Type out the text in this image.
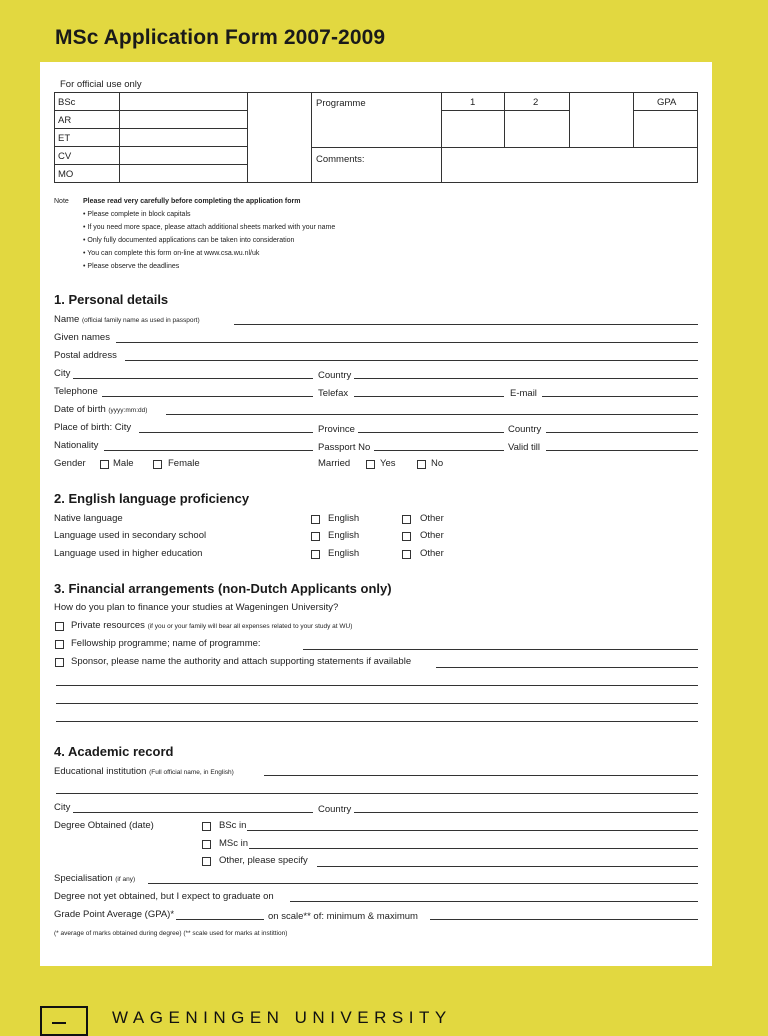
MSc Application Form 2007-2009
For official use only
BSc
AR
ET
CV
MO
Programme	1	2	GPA
Comments:
Note Please read very carefully before completing the application form
• Please complete in block capitals
• If you need more space, please attach additional sheets marked with your name
• Only fully documented applications can be taken into consideration
• You can complete this form on-line at www.csa.wu.nl/uk
• Please observe the deadlines
1. Personal details
Name (official family name as used in passport)
Given names
Postal address
City	Country
Telephone	Telefax	E-mail
Date of birth (yyyy:mm:dd)
Place of birth: City	Province	Country
Nationality	Passport No	Valid till
Gender	Male	Female	Married	Yes	No
2. English language proficiency
Native language	English	Other
Language used in secondary school	English	Other
Language used in higher education	English	Other
3. Financial arrangements (non-Dutch Applicants only)
How do you plan to finance your studies at Wageningen University?
Private resources (if you or your family will bear all expenses related to your study at WU)
Fellowship programme; name of programme:
Sponsor, please name the authority and attach supporting statements if available
4. Academic record
Educational institution (Full official name, in English)
City	Country
Degree Obtained (date)	BSc in
MSc in
Other, please specify
Specialisation (if any)
Degree not yet obtained, but I expect to graduate on
Grade Point Average (GPA)*	on scale** of: minimum & maximum
(* average of marks obtained during degree) (** scale used for marks at instittion)
WAGENINGEN UNIVERSITY
